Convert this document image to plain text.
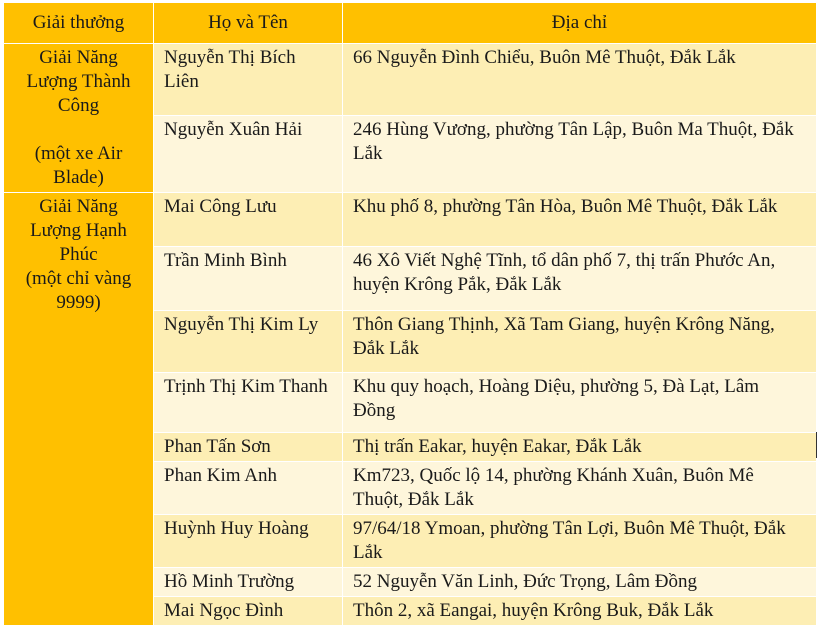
Giải thưởng	Họ và Tên	Địa chỉ

Giải Năng
Lượng Thành
Công
(một xe Air
Blade)	Nguyễn Thị Bích Liên	66 Nguyễn Đình Chiểu, Buôn Mê Thuột, Đắk Lắk
	Nguyễn Xuân Hải	246 Hùng Vương, phường Tân Lập, Buôn Ma Thuột, Đắk Lắk

Giải Năng
Lượng Hạnh
Phúc
(một chỉ vàng
9999)	Mai Công Lưu	Khu phố 8, phường Tân Hòa, Buôn Mê Thuột, Đắk Lắk
	Trần Minh Bình	46 Xô Viết Nghệ Tĩnh, tổ dân phố 7, thị trấn Phước An, huyện Krông Pắk, Đắk Lắk
	Nguyễn Thị Kim Ly	Thôn Giang Thịnh, Xã Tam Giang, huyện Krông Năng, Đắk Lắk
	Trịnh Thị Kim Thanh	Khu quy hoạch, Hoàng Diệu, phường 5, Đà Lạt, Lâm Đồng
	Phan Tấn Sơn	Thị trấn Eakar, huyện Eakar, Đắk Lắk
	Phan Kim Anh	Km723, Quốc lộ 14, phường Khánh Xuân, Buôn Mê Thuột, Đắk Lắk
	Huỳnh Huy Hoàng	97/64/18 Ymoan, phường Tân Lợi, Buôn Mê Thuột, Đắk Lắk
	Hồ Minh Trường	52 Nguyễn Văn Linh, Đức Trọng, Lâm Đồng
	Mai Ngọc Đình	Thôn 2, xã Eangai, huyện Krông Buk, Đắk Lắk
